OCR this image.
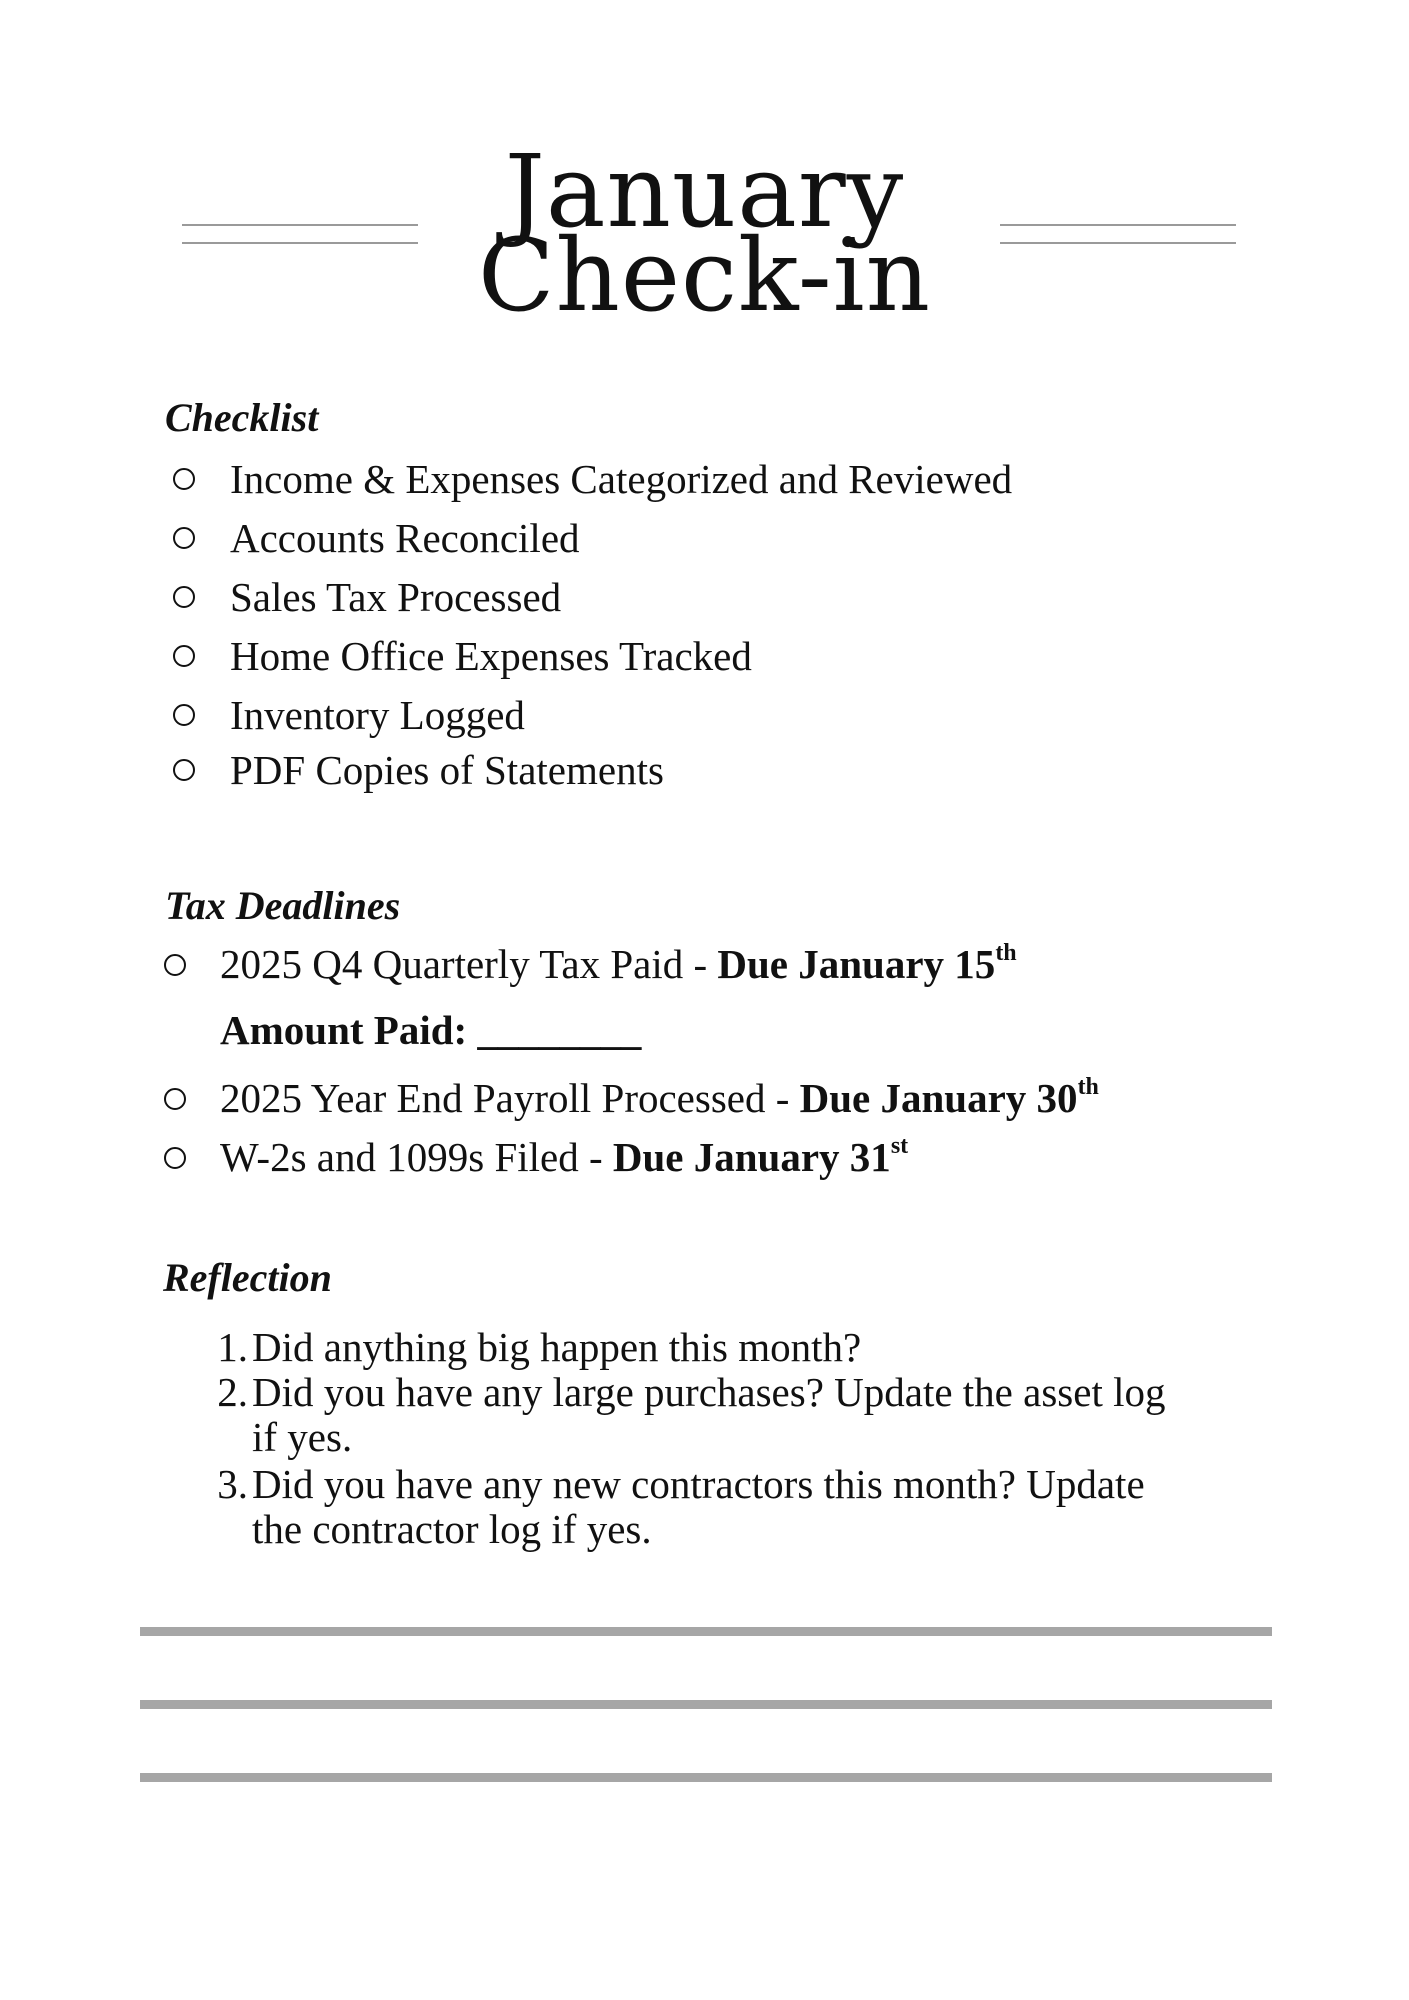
January
Check-in
Checklist
Income & Expenses Categorized and Reviewed
Accounts Reconciled
Sales Tax Processed
Home Office Expenses Tracked
Inventory Logged
PDF Copies of Statements
Tax Deadlines
2025 Q4 Quarterly Tax Paid - Due January 15th
Amount Paid: ________
2025 Year End Payroll Processed - Due January 30th
W-2s and 1099s Filed - Due January 31st
Reflection
1. Did anything big happen this month?
2. Did you have any large purchases? Update the asset log
if yes.
3. Did you have any new contractors this month? Update
the contractor log if yes.
